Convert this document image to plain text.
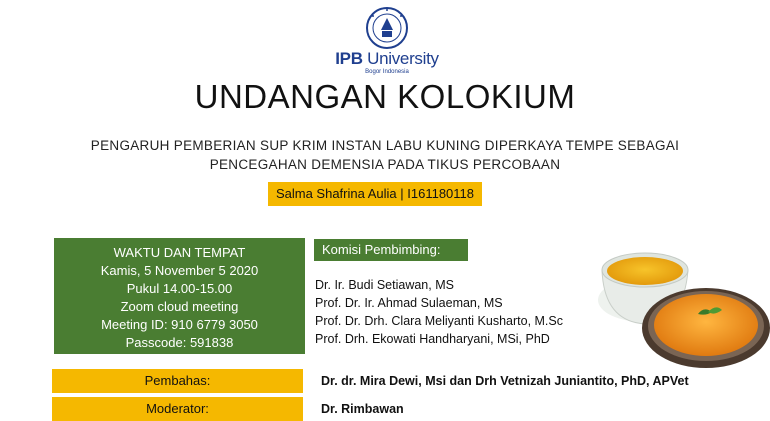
IPB University
Bogor Indonesia
UNDANGAN KOLOKIUM
PENGARUH PEMBERIAN SUP KRIM INSTAN LABU KUNING DIPERKAYA TEMPE SEBAGAI
PENCEGAHAN DEMENSIA PADA TIKUS PERCOBAAN
Salma Shafrina Aulia | I161180118
WAKTU DAN TEMPAT
Kamis, 5 November 5 2020
Pukul 14.00-15.00
Zoom cloud meeting
Meeting ID: 910 6779 3050
Passcode: 591838
Komisi Pembimbing:
Dr. Ir. Budi Setiawan, MS
Prof. Dr. Ir. Ahmad Sulaeman, MS
Prof. Dr. Drh. Clara Meliyanti Kusharto, M.Sc
Prof. Drh. Ekowati Handharyani, MSi, PhD
Pembahas:	Dr. dr. Mira Dewi, Msi dan Drh Vetnizah Juniantito, PhD, APVet
Moderator:	Dr. Rimbawan
